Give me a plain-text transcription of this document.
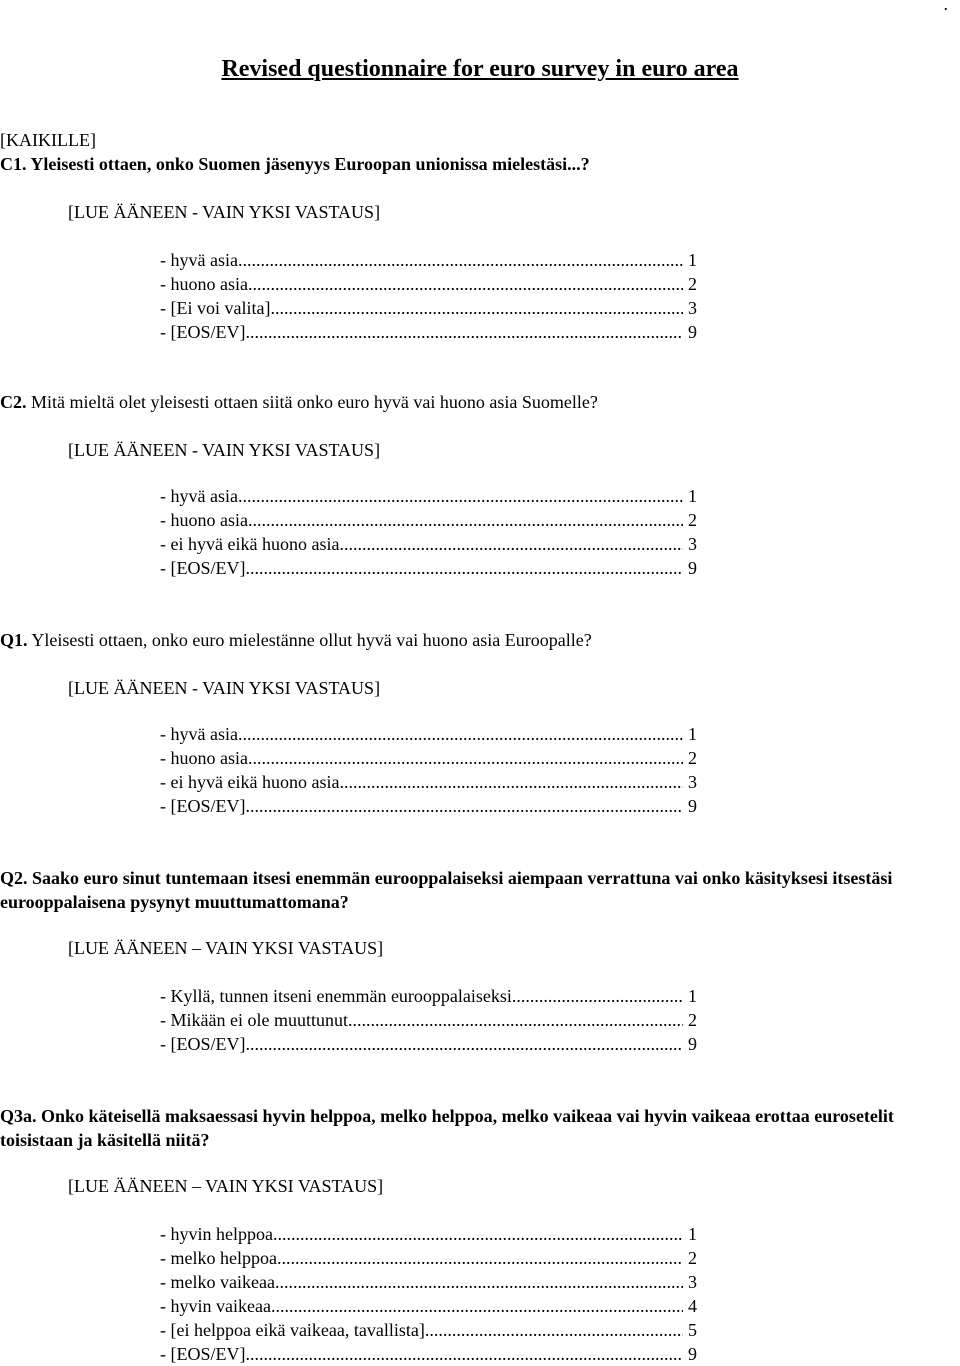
.
Revised questionnaire for euro survey in euro area
[KAIKILLE]
C1. Yleisesti ottaen, onko Suomen jäsenyys Euroopan unionissa mielestäsi...?
[LUE ÄÄNEEN - VAIN YKSI VASTAUS]
- hyvä asia .....	1
- huono asia .....	2
- [Ei voi valita] .....	3
- [EOS/EV] .....	9
C2. Mitä mieltä olet yleisesti ottaen siitä onko euro hyvä vai huono asia Suomelle?
[LUE ÄÄNEEN - VAIN YKSI VASTAUS]
- hyvä asia .....	1
- huono asia .....	2
- ei hyvä eikä huono asia .....	3
- [EOS/EV] .....	9
Q1. Yleisesti ottaen, onko euro mielestänne ollut hyvä vai huono asia Euroopalle?
[LUE ÄÄNEEN - VAIN YKSI VASTAUS]
- hyvä asia .....	1
- huono asia .....	2
- ei hyvä eikä huono asia .....	3
- [EOS/EV] .....	9
Q2. Saako euro sinut tuntemaan itsesi enemmän eurooppalaiseksi aiempaan verrattuna vai onko käsityksesi itsestäsi eurooppalaisena pysynyt muuttumattomana?
[LUE ÄÄNEEN – VAIN YKSI VASTAUS]
- Kyllä, tunnen itseni enemmän eurooppalaiseksi .....	1
- Mikään ei ole muuttunut .....	2
- [EOS/EV] .....	9
Q3a. Onko käteisellä maksaessasi hyvin helppoa, melko helppoa, melko vaikeaa vai hyvin vaikeaa erottaa eurosetelit toisistaan ja käsitellä niitä?
[LUE ÄÄNEEN – VAIN YKSI VASTAUS]
- hyvin helppoa .....	1
- melko helppoa .....	2
- melko vaikeaa .....	3
- hyvin vaikeaa .....	4
- [ei helppoa eikä vaikeaa, tavallista] .....	5
- [EOS/EV] .....	9
